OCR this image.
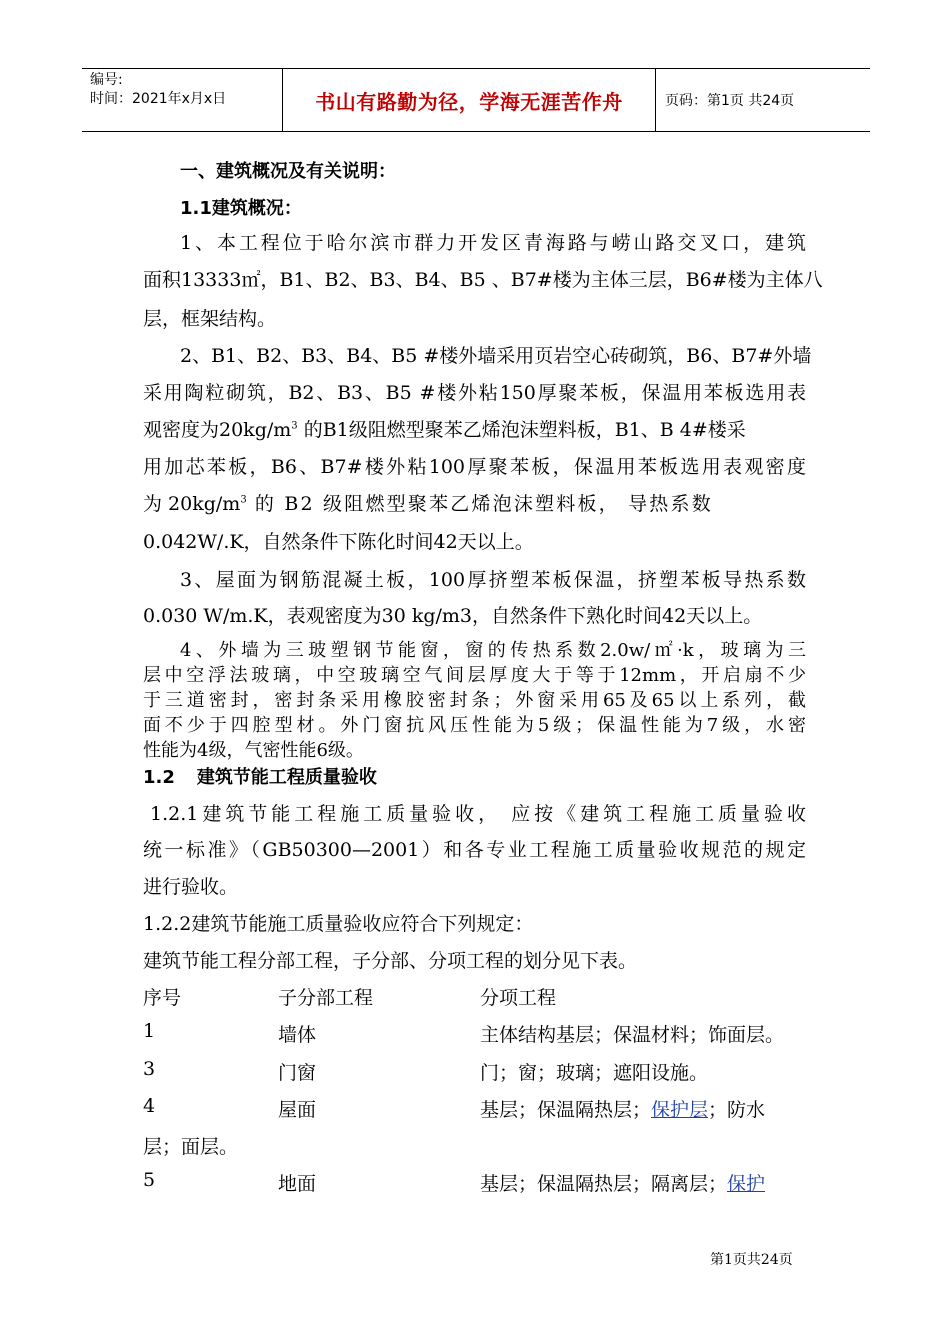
编号:
时间：2021年x月x日	书山有路勤为径，学海无涯苦作舟	页码：第1页 共24页
一、建筑概况及有关说明：
1.1建筑概况：
1、本工程位于哈尔滨市群力开发区青海路与崂山路交叉口，建筑
面积13333㎡，B1、B2、B3、B4、B5 、B7#楼为主体三层，B6#楼为主体八
层，框架结构。
2、B1、B2、B3、B4、B5 #楼外墙采用页岩空心砖砌筑，B6、B7#外墙
采用陶粒砌筑，B2、B3、B5 #楼外粘150厚聚苯板，保温用苯板选用表
观密度为$20kg/m^3$ 的B1级阻燃型聚苯乙烯泡沫塑料板，B1、B 4#楼采
用加芯苯板，B6、B7#楼外粘100厚聚苯板，保温用苯板选用表观密度
为 $20kg/m^3$ 的 B2 级阻燃型聚苯乙烯泡沫塑料板， 导热系数
0.042W/.K，自然条件下陈化时间42天以上。
3、屋面为钢筋混凝土板，100厚挤塑苯板保温，挤塑苯板导热系数
0.030 W/m.K，表观密度为30 kg/m3，自然条件下熟化时间42天以上。
4、外墙为三玻塑钢节能窗，窗的传热系数2.0w/㎡·k，玻璃为三
层中空浮法玻璃，中空玻璃空气间层厚度大于等于12mm，开启扇不少
于三道密封，密封条采用橡胶密封条；外窗采用65及65以上系列，截
面不少于四腔型材。外门窗抗风压性能为5级；保温性能为7级，水密
性能为4级，气密性能6级。
1.2 建筑节能工程质量验收
1.2.1建筑节能工程施工质量验收， 应按《建筑工程施工质量验收
统一标准》（GB50300—2001）和各专业工程施工质量验收规范的规定
进行验收。
1.2.2建筑节能施工质量验收应符合下列规定：
建筑节能工程分部工程，子分部、分项工程的划分见下表。
序号	子分部工程	分项工程
1	墙体	主体结构基层；保温材料；饰面层。
3	门窗	门；窗；玻璃；遮阳设施。
4	屋面	基层；保温隔热层；保护层；防水
层；面层。
5	地面	基层；保温隔热层；隔离层；保护
第1页共24页
